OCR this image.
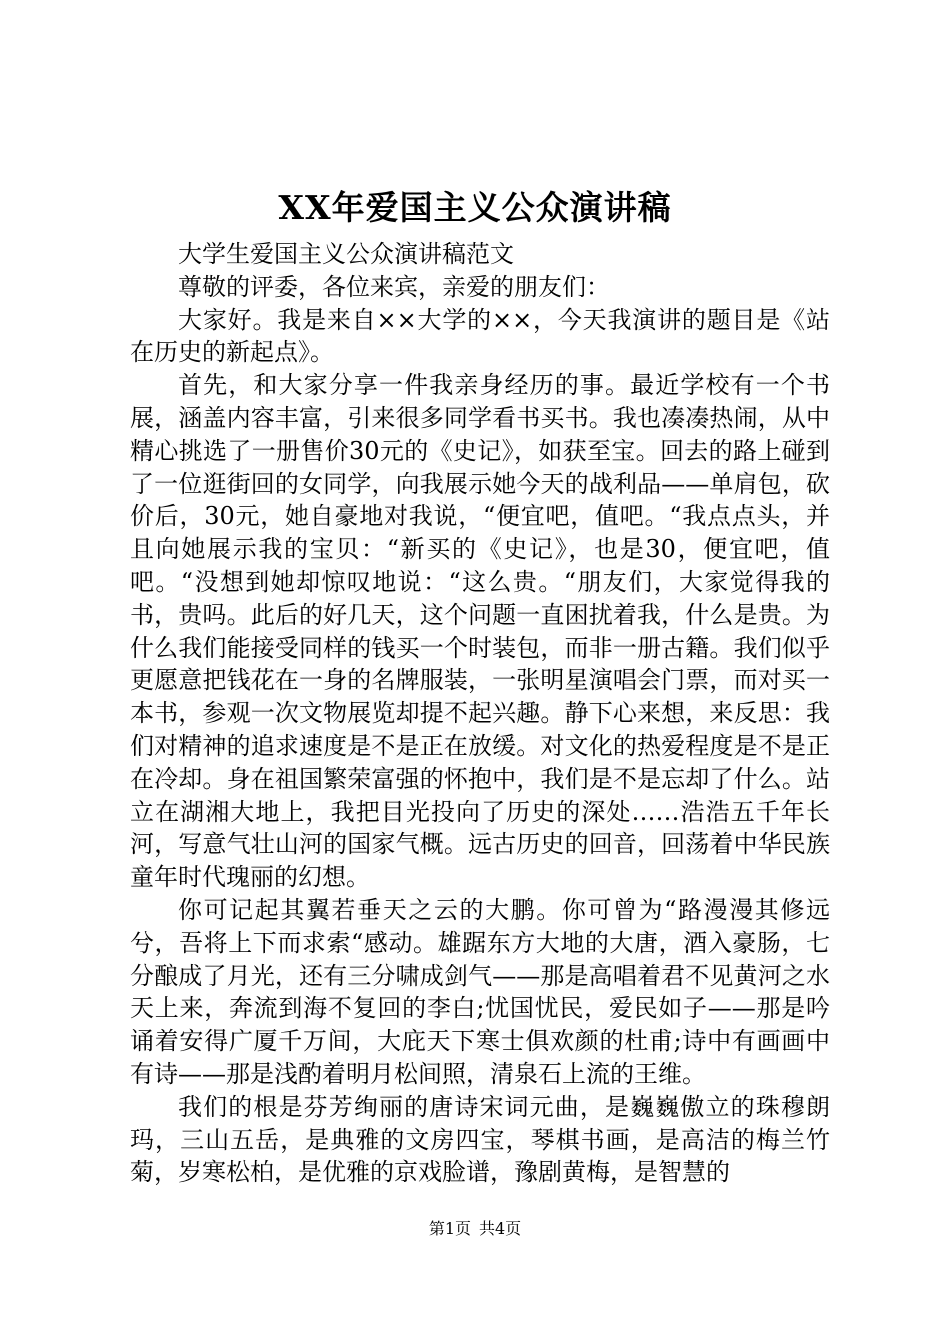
XX年爱国主义公众演讲稿

大学生爱国主义公众演讲稿范文

尊敬的评委，各位来宾，亲爱的朋友们：

大家好。我是来自××大学的××，今天我演讲的题目是《站在历史的新起点》。

首先，和大家分享一件我亲身经历的事。最近学校有一个书展，涵盖内容丰富，引来很多同学看书买书。我也凑凑热闹，从中精心挑选了一册售价30元的《史记》，如获至宝。回去的路上碰到了一位逛街回的女同学，向我展示她今天的战利品——单肩包，砍价后，30元，她自豪地对我说，“便宜吧，值吧。“我点点头，并且向她展示我的宝贝：“新买的《史记》，也是30，便宜吧，值吧。“没想到她却惊叹地说：“这么贵。“朋友们，大家觉得我的书，贵吗。此后的好几天，这个问题一直困扰着我，什么是贵。为什么我们能接受同样的钱买一个时装包，而非一册古籍。我们似乎更愿意把钱花在一身的名牌服装，一张明星演唱会门票，而对买一本书，参观一次文物展览却提不起兴趣。静下心来想，来反思：我们对精神的追求速度是不是正在放缓。对文化的热爱程度是不是正在冷却。身在祖国繁荣富强的怀抱中，我们是不是忘却了什么。站立在湖湘大地上，我把目光投向了历史的深处……浩浩五千年长河，写意气壮山河的国家气概。远古历史的回音，回荡着中华民族童年时代瑰丽的幻想。

你可记起其翼若垂天之云的大鹏。你可曾为“路漫漫其修远兮，吾将上下而求索“感动。雄踞东方大地的大唐，酒入豪肠，七分酿成了月光，还有三分啸成剑气——那是高唱着君不见黄河之水天上来，奔流到海不复回的李白;忧国忧民，爱民如子——那是吟诵着安得广厦千万间，大庇天下寒士俱欢颜的杜甫;诗中有画画中有诗——那是浅酌着明月松间照，清泉石上流的王维。

我们的根是芬芳绚丽的唐诗宋词元曲，是巍巍傲立的珠穆朗玛，三山五岳，是典雅的文房四宝，琴棋书画，是高洁的梅兰竹菊，岁寒松柏，是优雅的京戏脸谱，豫剧黄梅，是智慧的

第1页 共4页
